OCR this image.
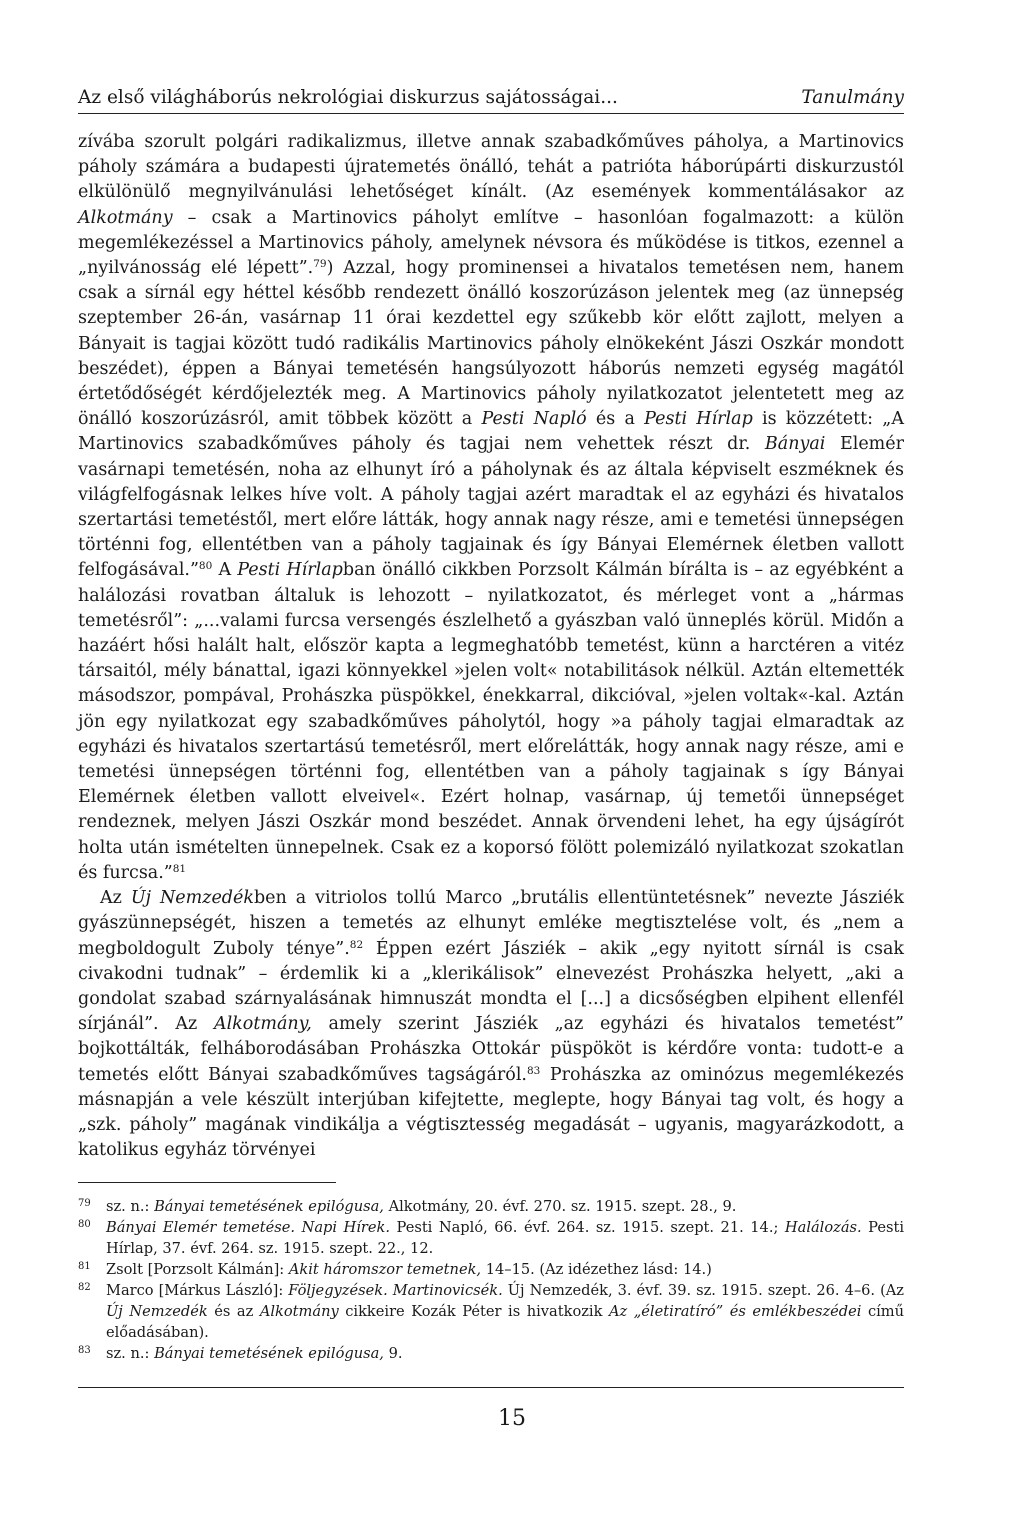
Az első világháborús nekrológiai diskurzus sajátosságai...	Tanulmány

zívába szorult polgári radikalizmus, illetve annak szabadkőműves páholya, a Martinovics páholy számára a budapesti újratemetés önálló, tehát a patrióta háborúpárti diskurzustól elkülönülő megnyilvánulási lehetőséget kínált. (Az események kommentálásakor az Alkotmány – csak a Martinovics páholyt említve – hasonlóan fogalmazott: a külön megemlékezéssel a Martinovics páholy, amelynek névsora és működése is titkos, ezennel a „nyilvánosság elé lépett”.$^{79}$) Azzal, hogy prominensei a hivatalos temetésen nem, hanem csak a sírnál egy héttel később rendezett önálló koszorúzáson jelentek meg (az ünnepség szeptember 26-án, vasárnap 11 órai kezdettel egy szűkebb kör előtt zajlott, melyen a Bányait is tagjai között tudó radikális Martinovics páholy elnökeként Jászi Oszkár mondott beszédet), éppen a Bányai temetésén hangsúlyozott háborús nemzeti egység magától értetődőségét kérdőjelezték meg. A Martinovics páholy nyilatkozatot jelentetett meg az önálló koszorúzásról, amit többek között a Pesti Napló és a Pesti Hírlap is közzétett: „A Martinovics szabadkőműves páholy és tagjai nem vehettek részt dr. Bányai Elemér vasárnapi temetésén, noha az elhunyt író a páholynak és az általa képviselt eszméknek és világfelfogásnak lelkes híve volt. A páholy tagjai azért maradtak el az egyházi és hivatalos szertartási temetéstől, mert előre látták, hogy annak nagy része, ami e temetési ünnepségen történni fog, ellentétben van a páholy tagjainak és így Bányai Elemérnek életben vallott felfogásával.”$^{80}$ A Pesti Hírlapban önálló cikkben Porzsolt Kálmán bírálta is – az egyébként a halálozási rovatban általuk is lehozott – nyilatkozatot, és mérleget vont a „hármas temetésről”: „...valami furcsa versengés észlelhető a gyászban való ünneplés körül. Midőn a hazáért hősi halált halt, először kapta a legmeghatóbb temetést, künn a harctéren a vitéz társaitól, mély bánattal, igazi könnyekkel »jelen volt« notabilitások nélkül. Aztán eltemették másodszor, pompával, Prohászka püspökkel, énekkarral, dikcióval, »jelen voltak«-kal. Aztán jön egy nyilatkozat egy szabadkőműves páholytól, hogy »a páholy tagjai elmaradtak az egyházi és hivatalos szertartású temetésről, mert előrelátták, hogy annak nagy része, ami e temetési ünnepségen történni fog, ellentétben van a páholy tagjainak s így Bányai Elemérnek életben vallott elveivel«. Ezért holnap, vasárnap, új temetői ünnepséget rendeznek, melyen Jászi Oszkár mond beszédet. Annak örvendeni lehet, ha egy újságírót holta után ismételten ünnepelnek. Csak ez a koporsó fölött polemizáló nyilatkozat szokatlan és furcsa.”$^{81}$

Az Új Nemzedékben a vitriolos tollú Marco „brutális ellentüntetésnek” nevezte Jásziék gyászünnepségét, hiszen a temetés az elhunyt emléke megtisztelése volt, és „nem a megboldogult Zuboly ténye”.$^{82}$ Éppen ezért Jásziék – akik „egy nyitott sírnál is csak civakodni tudnak” – érdemlik ki a „klerikálisok” elnevezést Prohászka helyett, „aki a gondolat szabad szárnyalásának himnuszát mondta el [...] a dicsőségben elpihent ellenfél sírjánál”. Az Alkotmány, amely szerint Jásziék „az egyházi és hivatalos temetést” bojkottálták, felháborodásában Prohászka Ottokár püspököt is kérdőre vonta: tudott-e a temetés előtt Bányai szabadkőműves tagságáról.$^{83}$ Prohászka az ominózus megemlékezés másnapján a vele készült interjúban kifejtette, meglepte, hogy Bányai tag volt, és hogy a „szk. páholy” magának vindikálja a végtisztesség megadását – ugyanis, magyarázkodott, a katolikus egyház törvényei

$^{79}$	sz. n.: Bányai temetésének epilógusa, Alkotmány, 20. évf. 270. sz. 1915. szept. 28., 9.
$^{80}$	Bányai Elemér temetése. Napi Hírek. Pesti Napló, 66. évf. 264. sz. 1915. szept. 21. 14.; Halálozás. Pesti Hírlap, 37. évf. 264. sz. 1915. szept. 22., 12.
$^{81}$	Zsolt [Porzsolt Kálmán]: Akit háromszor temetnek, 14–15. (Az idézethez lásd: 14.)
$^{82}$	Marco [Márkus László]: Följegyzések. Martinovicsék. Új Nemzedék, 3. évf. 39. sz. 1915. szept. 26. 4–6. (Az Új Nemzedék és az Alkotmány cikkeire Kozák Péter is hivatkozik Az „életiratíró” és emlékbeszédei című előadásában).
$^{83}$	sz. n.: Bányai temetésének epilógusa, 9.
15
